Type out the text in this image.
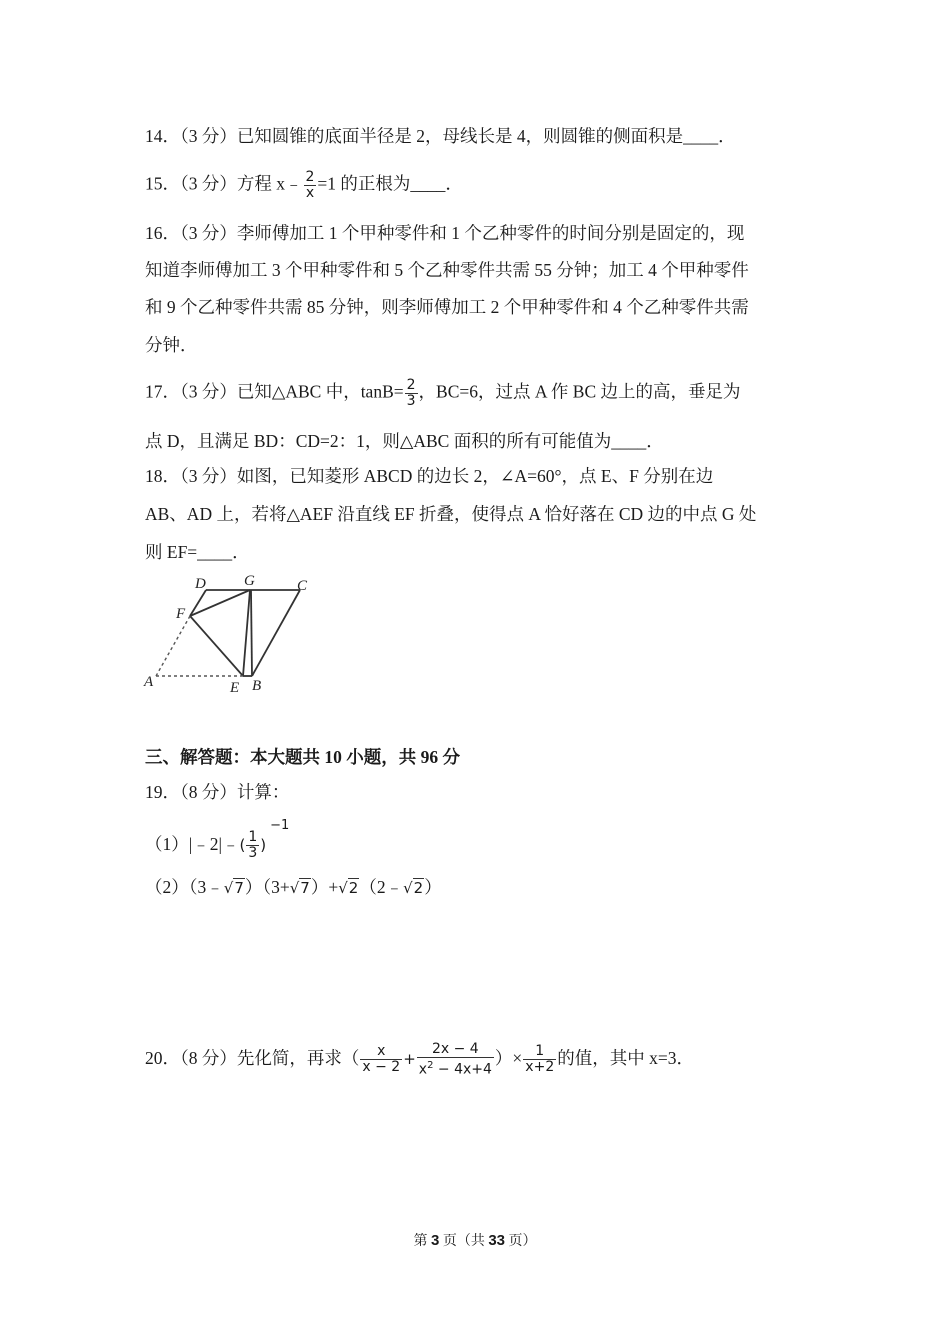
14．（3 分）已知圆锥的底面半径是 2，母线长是 4，则圆锥的侧面积是____．
15．（3 分）方程 x﹣ $\frac{2}{x} =1$ 的正根为____．
16．（3 分）李师傅加工 1 个甲种零件和 1 个乙种零件的时间分别是固定的，现
知道李师傅加工 3 个甲种零件和 5 个乙种零件共需 55 分钟；加工 4 个甲种零件
和 9 个乙种零件共需 85 分钟，则李师傅加工 2 个甲种零件和 4 个乙种零件共需
分钟．
17．（3 分）已知△ABC 中，$\tan B= \frac{2}{3}$ ，BC=6，过点 A 作 BC 边上的高，垂足为
点 D，且满足 BD：CD=2：1，则△ABC 面积的所有可能值为____．
18．（3 分）如图，已知菱形 ABCD 的边长 2，∠A=60°，点 E、F 分别在边
AB、AD 上，若将△AEF 沿直线 EF 折叠，使得点 A 恰好落在 CD 边的中点 G 处
则 EF=____．
D	G	C
F
A	E B
三、解答题：本大题共 10 小题，共 96 分
19．（8 分）计算：
（1）|﹣2|﹣( $\frac{1}{3} )^{-1}$
（2）（3﹣√7）（3+√7）+√2（2﹣√2）
20．（8 分）先化简，再求（ $\frac{x}{x - 2} + \frac{2x - 4}{x^2 - 4x+4}$ ）× $\frac{1}{x+2}$ 的值，其中 x=3．
第 3 页（共 33 页）
